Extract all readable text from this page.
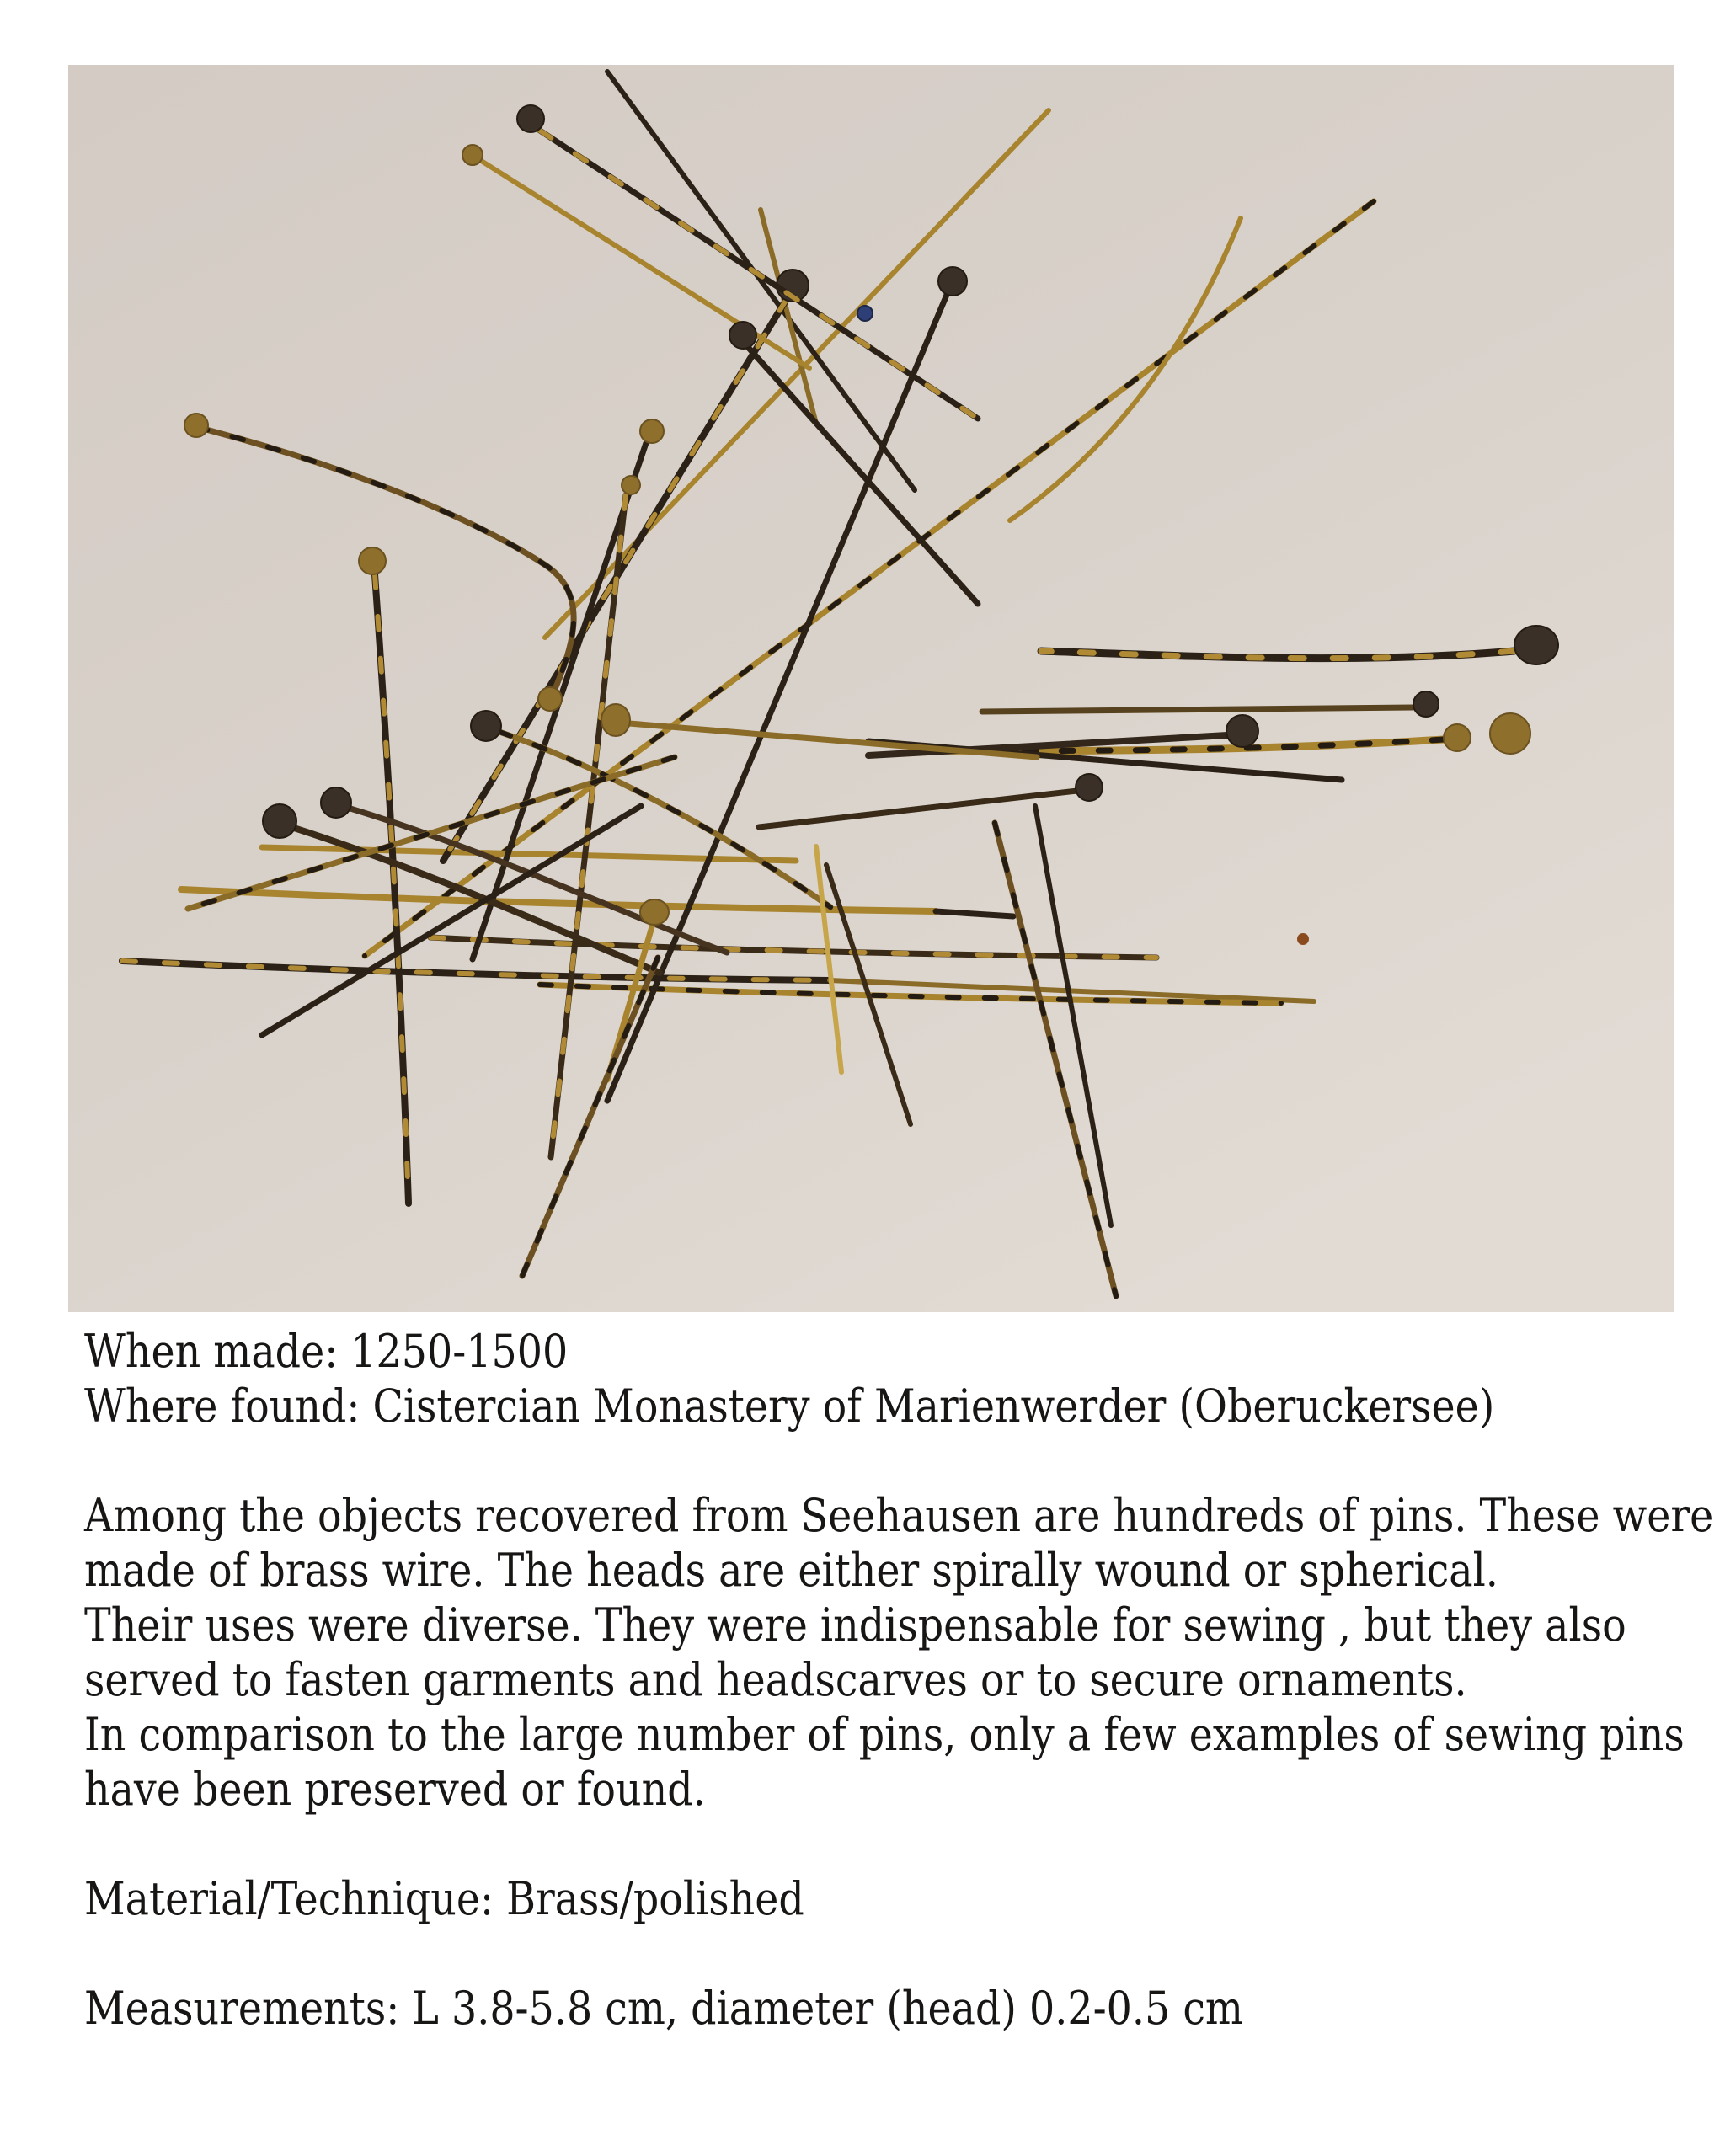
When made: 1250-1500
Where found: Cistercian Monastery of Marienwerder (Oberuckersee)
Among the objects recovered from Seehausen are hundreds of pins. These were
made of brass wire. The heads are either spirally wound or spherical.
Their uses were diverse. They were indispensable for sewing , but they also
served to fasten garments and headscarves or to secure ornaments.
In comparison to the large number of pins, only a few examples of sewing pins
have been preserved or found.
Material/Technique: Brass/polished
Measurements: L 3.8-5.8 cm, diameter (head) 0.2-0.5 cm
